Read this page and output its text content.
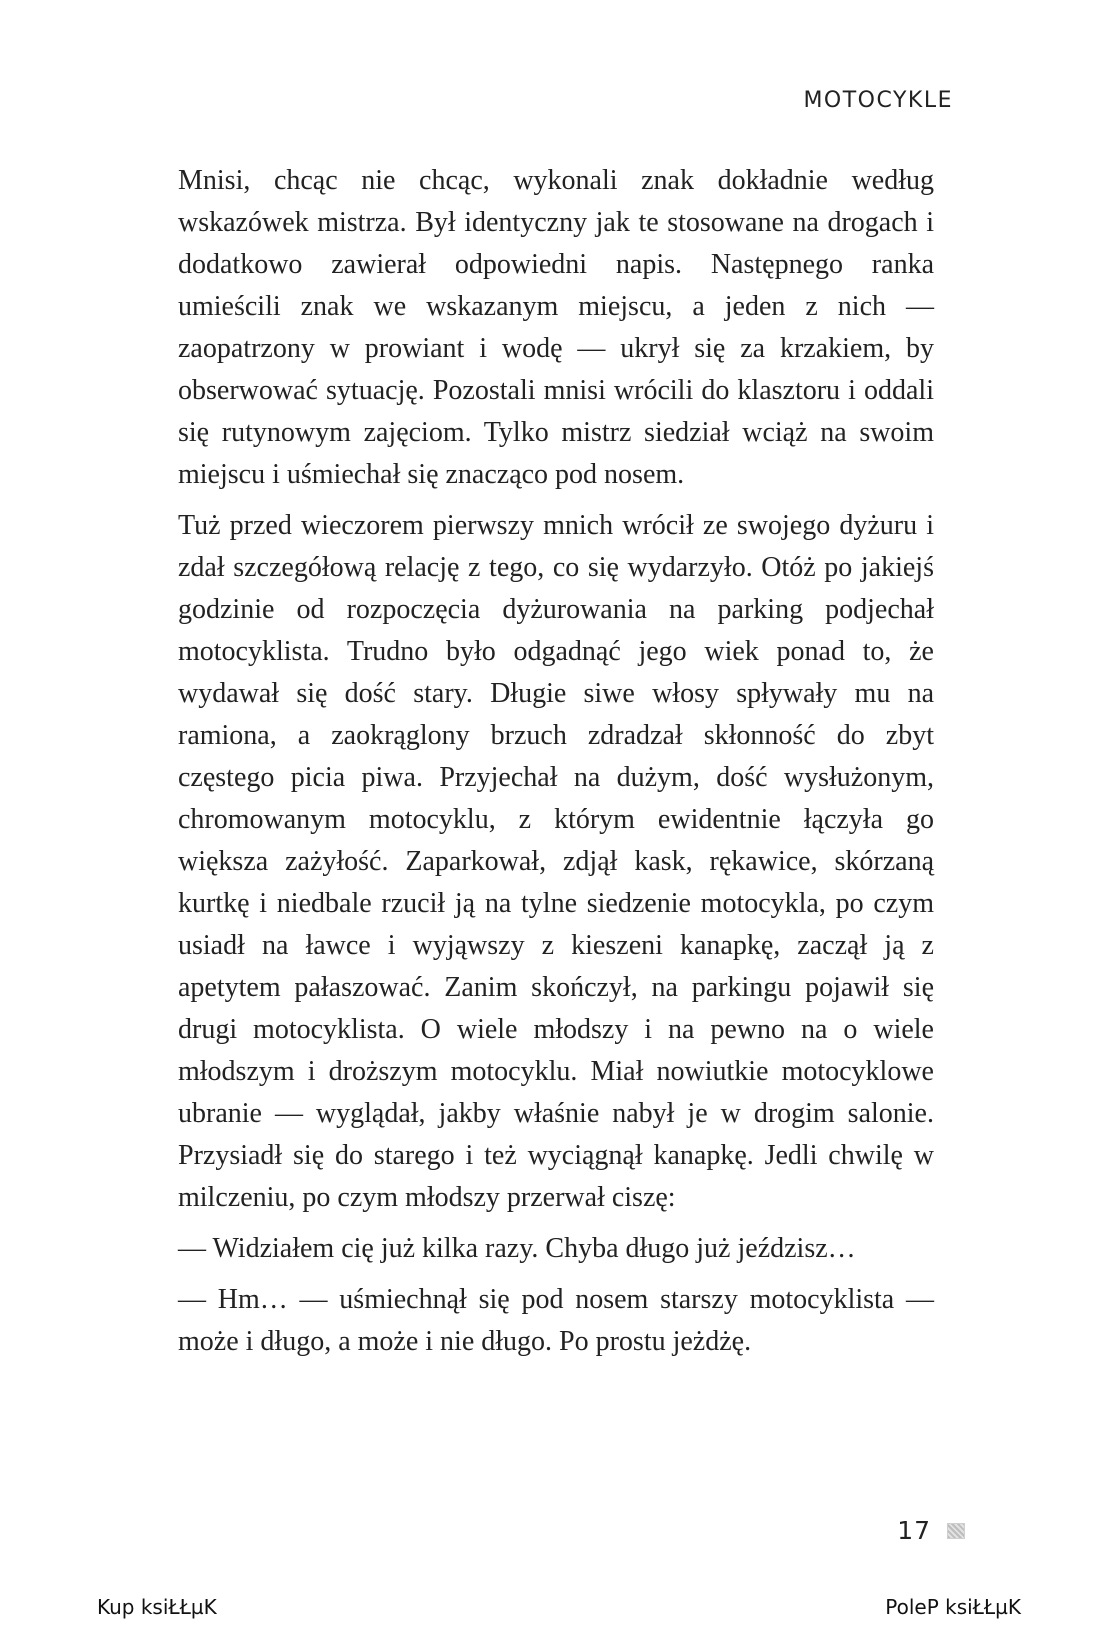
MOTOCYKLE

Mnisi, chcąc nie chcąc, wykonali znak dokładnie według wskazówek mistrza. Był identyczny jak te stosowane na drogach i dodatkowo zawierał odpowiedni napis. Następnego ranka umieścili znak we wskazanym miejscu, a jeden z nich — zaopatrzony w prowiant i wodę — ukrył się za krzakiem, by obserwować sytuację. Pozostali mnisi wrócili do klasztoru i oddali się rutynowym zajęciom. Tylko mistrz siedział wciąż na swoim miejscu i uśmiechał się znacząco pod nosem.

Tuż przed wieczorem pierwszy mnich wrócił ze swojego dyżuru i zdał szczegółową relację z tego, co się wydarzyło. Otóż po jakiejś godzinie od rozpoczęcia dyżurowania na parking podjechał motocyklista. Trudno było odgadnąć jego wiek ponad to, że wydawał się dość stary. Długie siwe włosy spływały mu na ramiona, a zaokrąglony brzuch zdradzał skłonność do zbyt częstego picia piwa. Przyjechał na dużym, dość wysłużonym, chromowanym motocyklu, z którym ewidentnie łączyła go większa zażyłość. Zaparkował, zdjął kask, rękawice, skórzaną kurtkę i niedbale rzucił ją na tylne siedzenie motocykla, po czym usiadł na ławce i wyjąwszy z kieszeni kanapkę, zaczął ją z apetytem pałaszować. Zanim skończył, na parkingu pojawił się drugi motocyklista. O wiele młodszy i na pewno na o wiele młodszym i droższym motocyklu. Miał nowiutkie motocyklowe ubranie — wyglądał, jakby właśnie nabył je w drogim salonie. Przysiadł się do starego i też wyciągnął kanapkę. Jedli chwilę w milczeniu, po czym młodszy przerwał ciszę:

— Widziałem cię już kilka razy. Chyba długo już jeździsz…

— Hm… — uśmiechnął się pod nosem starszy motocyklista — może i długo, a może i nie długo. Po prostu jeżdżę.

17
Kup ksiŁŁµK	PoleP ksiŁŁµK
